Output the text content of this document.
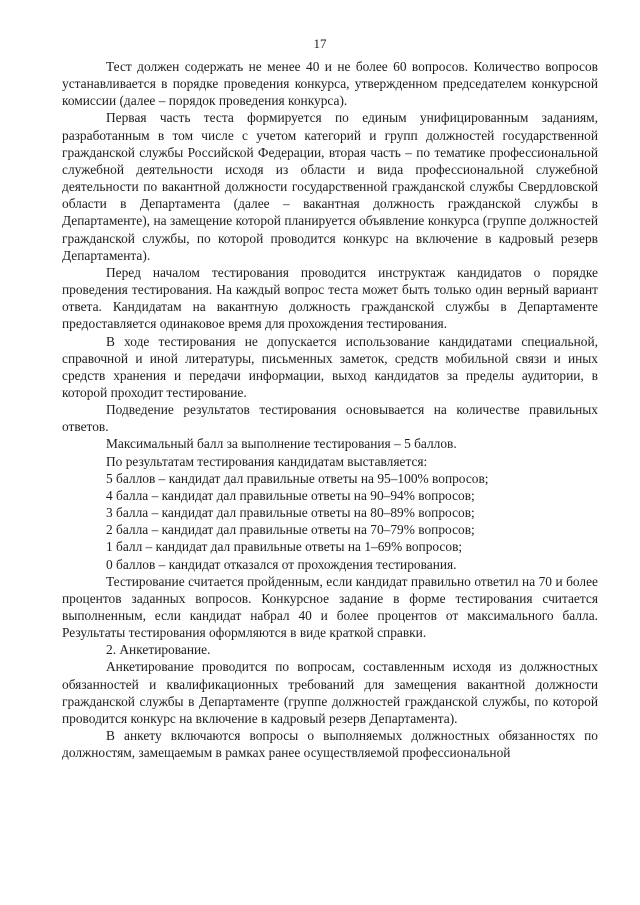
17

Тест должен содержать не менее 40 и не более 60 вопросов. Количество вопросов устанавливается в порядке проведения конкурса, утвержденном председателем конкурсной комиссии (далее – порядок проведения конкурса).

Первая часть теста формируется по единым унифицированным заданиям, разработанным в том числе с учетом категорий и групп должностей государственной гражданской службы Российской Федерации, вторая часть – по тематике профессиональной служебной деятельности исходя из области и вида профессиональной служебной деятельности по вакантной должности государственной гражданской службы Свердловской области в Департамента (далее – вакантная должность гражданской службы в Департаменте), на замещение которой планируется объявление конкурса (группе должностей гражданской службы, по которой проводится конкурс на включение в кадровый резерв Департамента).

Перед началом тестирования проводится инструктаж кандидатов о порядке проведения тестирования. На каждый вопрос теста может быть только один верный вариант ответа. Кандидатам на вакантную должность гражданской службы в Департаменте предоставляется одинаковое время для прохождения тестирования.

В ходе тестирования не допускается использование кандидатами специальной, справочной и иной литературы, письменных заметок, средств мобильной связи и иных средств хранения и передачи информации, выход кандидатов за пределы аудитории, в которой проходит тестирование.

Подведение результатов тестирования основывается на количестве правильных ответов.

Максимальный балл за выполнение тестирования – 5 баллов.

По результатам тестирования кандидатам выставляется:

5 баллов – кандидат дал правильные ответы на 95–100% вопросов;

4 балла – кандидат дал правильные ответы на 90–94% вопросов;

3 балла – кандидат дал правильные ответы на 80–89% вопросов;

2 балла – кандидат дал правильные ответы на 70–79% вопросов;

1 балл – кандидат дал правильные ответы на 1–69% вопросов;

0 баллов – кандидат отказался от прохождения тестирования.

Тестирование считается пройденным, если кандидат правильно ответил на 70 и более процентов заданных вопросов. Конкурсное задание в форме тестирования считается выполненным, если кандидат набрал 40 и более процентов от максимального балла. Результаты тестирования оформляются в виде краткой справки.

2. Анкетирование.

Анкетирование проводится по вопросам, составленным исходя из должностных обязанностей и квалификационных требований для замещения вакантной должности гражданской службы в Департаменте (группе должностей гражданской службы, по которой проводится конкурс на включение в кадровый резерв Департамента).

В анкету включаются вопросы о выполняемых должностных обязанностях по должностям, замещаемым в рамках ранее осуществляемой профессиональной
